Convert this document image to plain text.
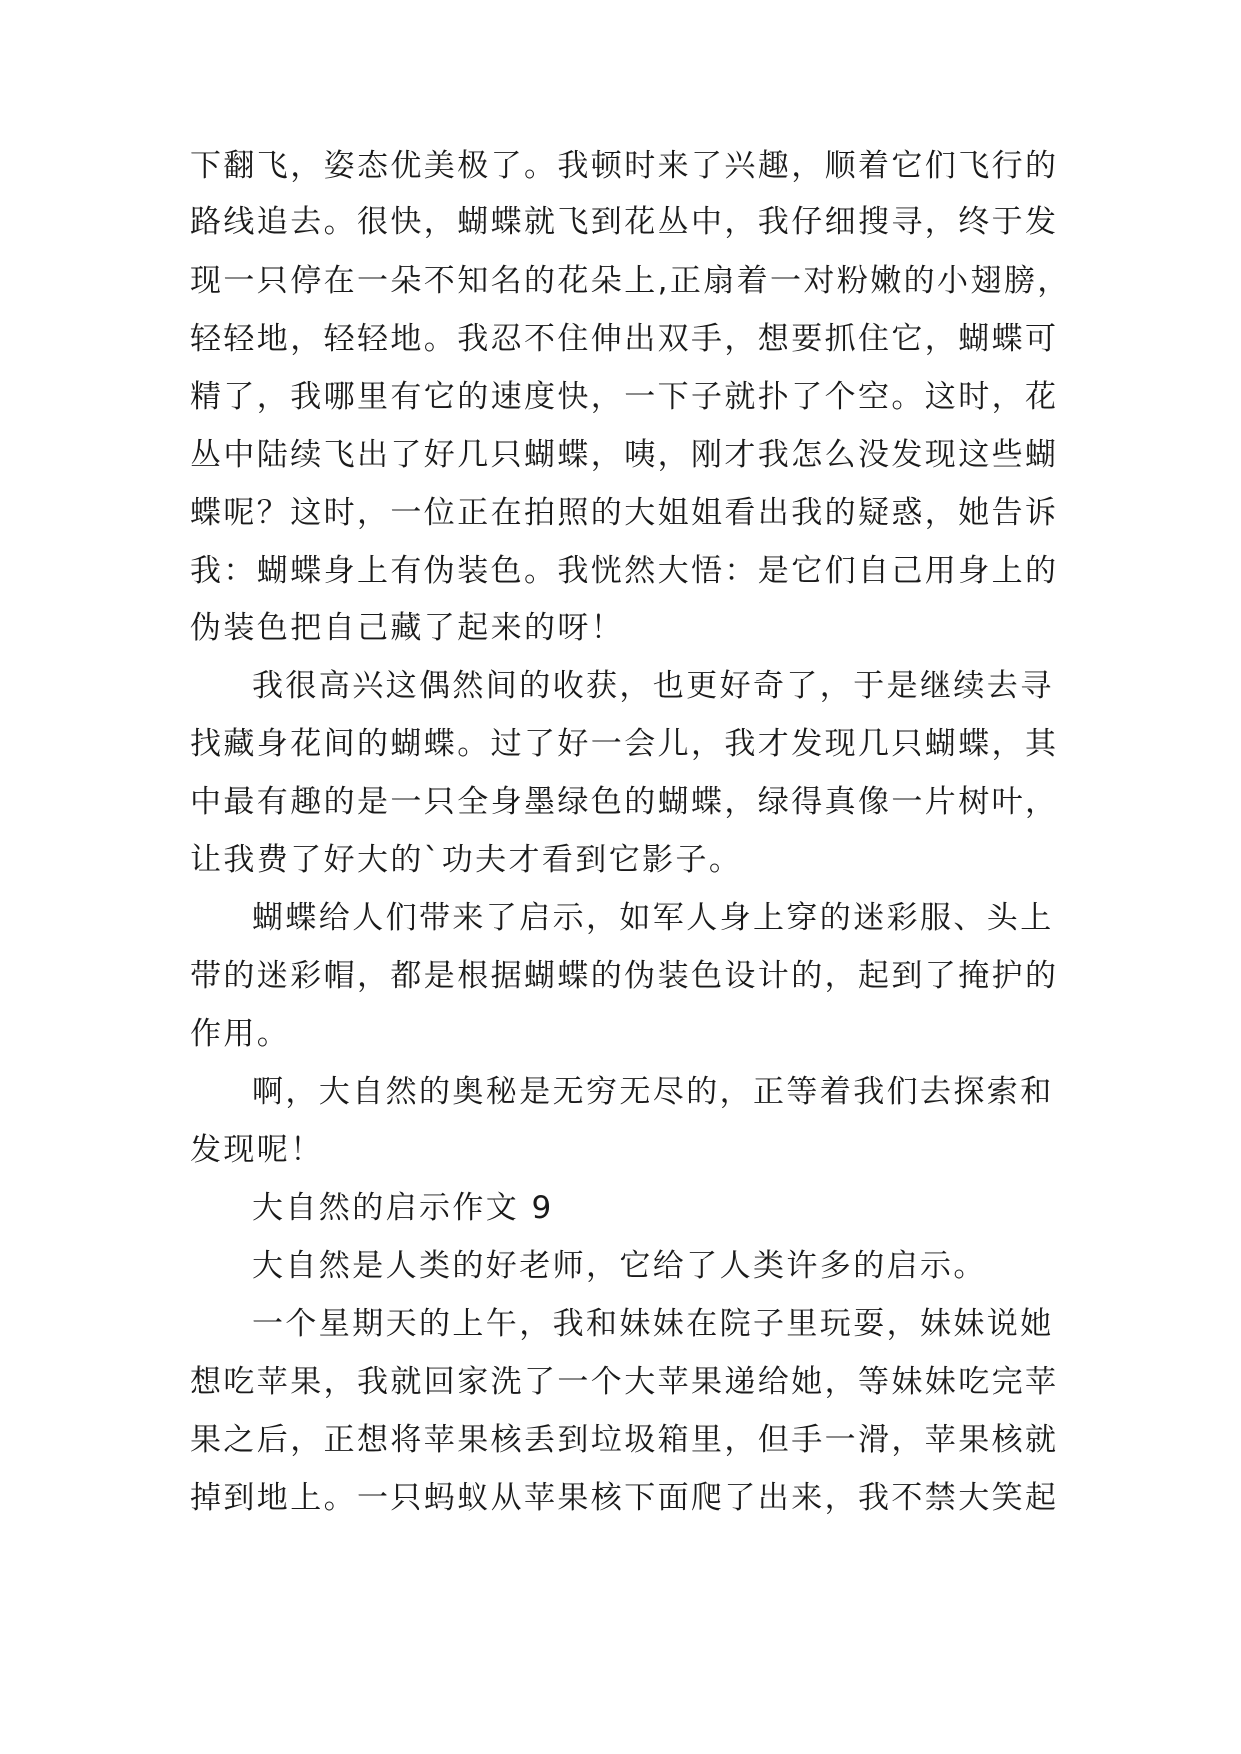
下翻飞，姿态优美极了。我顿时来了兴趣，顺着它们飞行的
路线追去。很快，蝴蝶就飞到花丛中，我仔细搜寻，终于发
现一只停在一朵不知名的花朵上,正扇着一对粉嫩的小翅膀，
轻轻地，轻轻地。我忍不住伸出双手，想要抓住它，蝴蝶可
精了，我哪里有它的速度快，一下子就扑了个空。这时，花
丛中陆续飞出了好几只蝴蝶，咦，刚才我怎么没发现这些蝴
蝶呢？这时，一位正在拍照的大姐姐看出我的疑惑，她告诉
我：蝴蝶身上有伪装色。我恍然大悟：是它们自己用身上的
伪装色把自己藏了起来的呀！
我很高兴这偶然间的收获，也更好奇了，于是继续去寻
找藏身花间的蝴蝶。过了好一会儿，我才发现几只蝴蝶，其
中最有趣的是一只全身墨绿色的蝴蝶，绿得真像一片树叶，
让我费了好大的`功夫才看到它影子。
蝴蝶给人们带来了启示，如军人身上穿的迷彩服、头上
带的迷彩帽，都是根据蝴蝶的伪装色设计的，起到了掩护的
作用。
啊，大自然的奥秘是无穷无尽的，正等着我们去探索和
发现呢！
大自然的启示作文 9
大自然是人类的好老师，它给了人类许多的启示。
一个星期天的上午，我和妹妹在院子里玩耍，妹妹说她
想吃苹果，我就回家洗了一个大苹果递给她，等妹妹吃完苹
果之后，正想将苹果核丢到垃圾箱里，但手一滑，苹果核就
掉到地上。一只蚂蚁从苹果核下面爬了出来，我不禁大笑起
